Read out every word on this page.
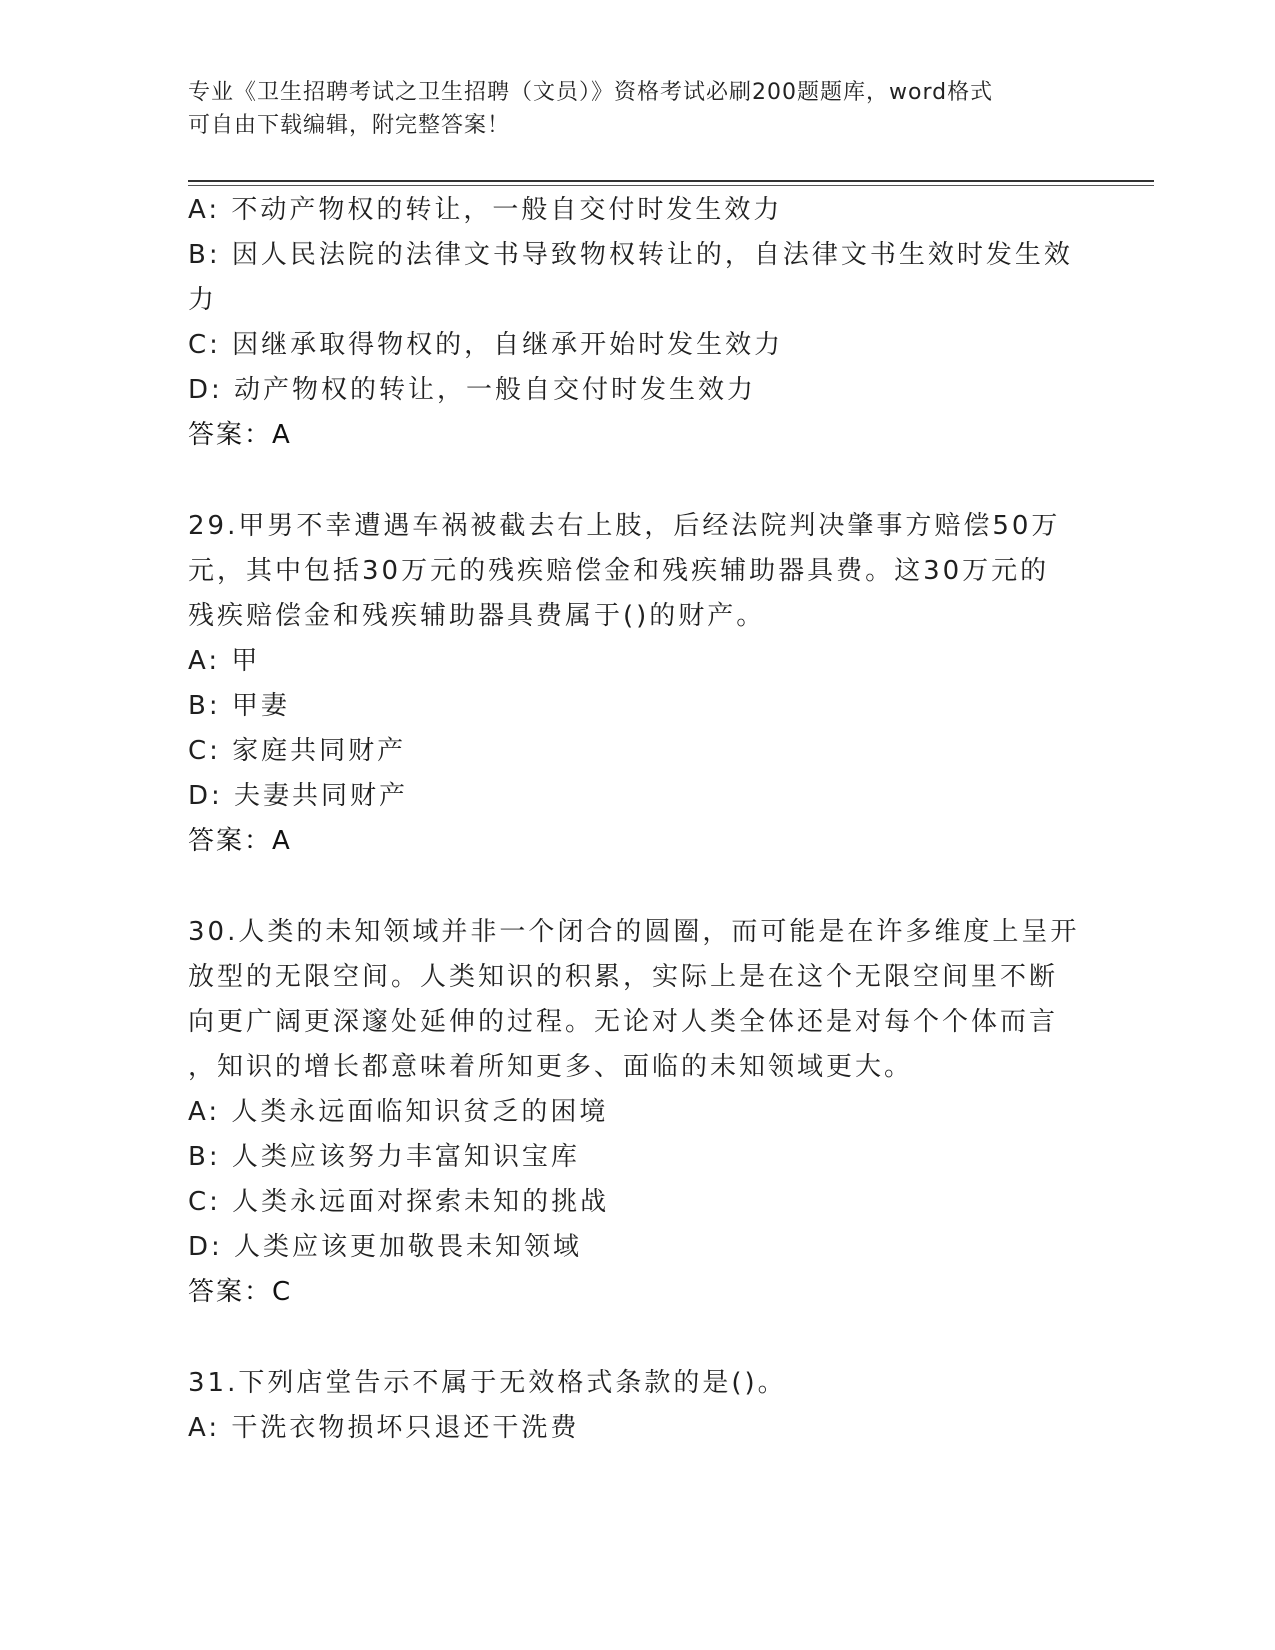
专业《卫生招聘考试之卫生招聘（文员）》资格考试必刷200题题库，word格式
可自由下载编辑，附完整答案！
A: 不动产物权的转让，一般自交付时发生效力
B: 因人民法院的法律文书导致物权转让的，自法律文书生效时发生效
力
C: 因继承取得物权的，自继承开始时发生效力
D: 动产物权的转让，一般自交付时发生效力
答案：A
29.甲男不幸遭遇车祸被截去右上肢，后经法院判决肇事方赔偿50万
元，其中包括30万元的残疾赔偿金和残疾辅助器具费。这30万元的
残疾赔偿金和残疾辅助器具费属于()的财产。
A: 甲
B: 甲妻
C: 家庭共同财产
D: 夫妻共同财产
答案：A
30.人类的未知领域并非一个闭合的圆圈，而可能是在许多维度上呈开
放型的无限空间。人类知识的积累，实际上是在这个无限空间里不断
向更广阔更深邃处延伸的过程。无论对人类全体还是对每个个体而言
，知识的增长都意味着所知更多、面临的未知领域更大。
A: 人类永远面临知识贫乏的困境
B: 人类应该努力丰富知识宝库
C: 人类永远面对探索未知的挑战
D: 人类应该更加敬畏未知领域
答案：C
31.下列店堂告示不属于无效格式条款的是()。
A: 干洗衣物损坏只退还干洗费
